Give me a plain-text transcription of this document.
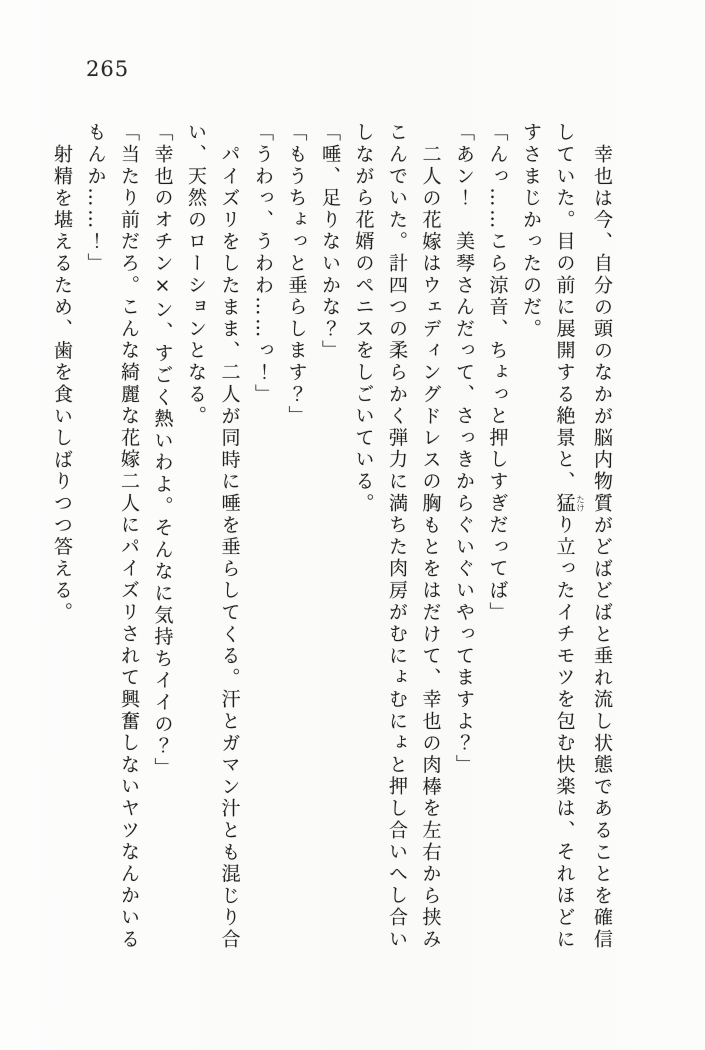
265
幸也は今、自分の頭のなかが脳内物質がどばどばと垂れ流し状態であることを確信
していた。目の前に展開する絶景と、猛 たけり立ったイチモツを包む快楽は、それほどに
すさまじかったのだ。
「んっ……こら涼音、ちょっと押しすぎだってば」
「あン！　美琴さんだって、さっきからぐいぐいやってますよ？」
二人の花嫁はウェディングドレスの胸もとをはだけて、幸也の肉棒を左右から挟み
こんでいた。計四つの柔らかく弾力に満ちた肉房がむにょむにょと押し合いへし合い
しながら花婿のペニスをしごいている。
「唾、足りないかな？」
「もうちょっと垂らします？」
「うわっ、うわわ……っ！」
パイズリをしたまま、二人が同時に唾を垂らしてくる。汗とガマン汁とも混じり合
い、天然のローションとなる。
「幸也のオチン×ン、すごく熱いわよ。そんなに気持ちイイの？」
「当たり前だろ。こんな綺麗な花嫁二人にパイズリされて興奮しないヤツなんかいる
もんか……！」
射精を堪えるため、歯を食いしばりつつ答える。
